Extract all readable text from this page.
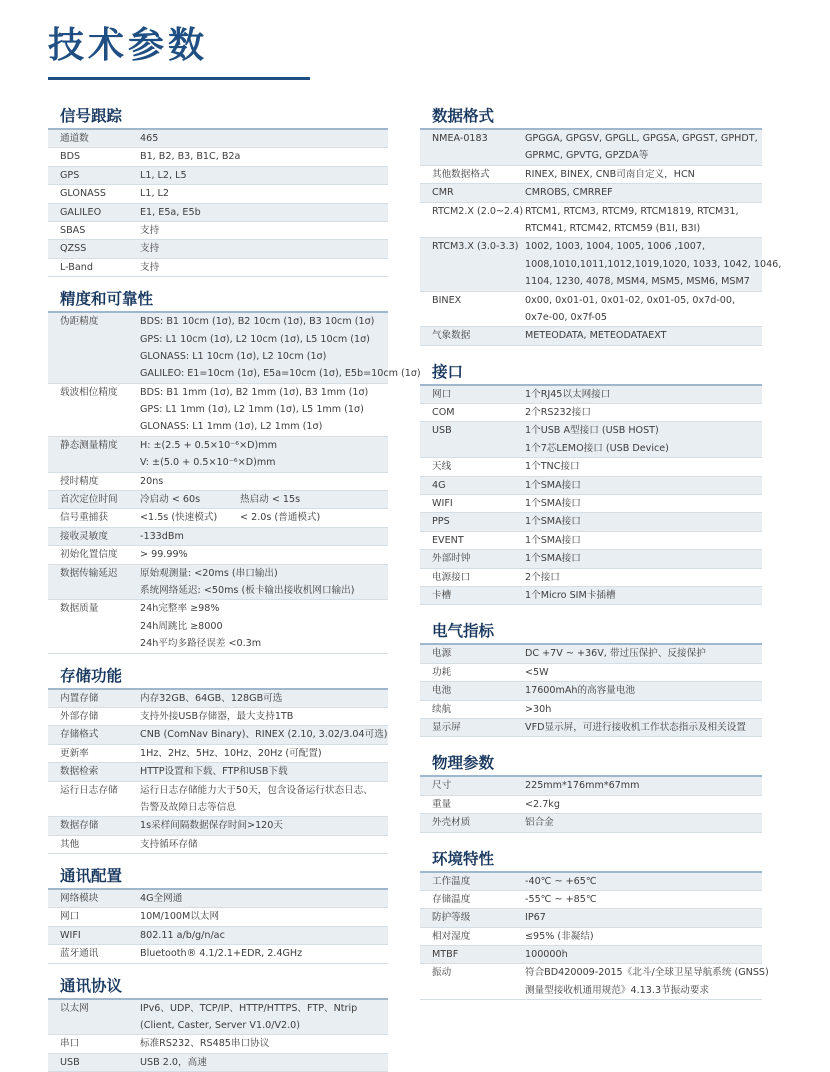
技术参数
信号跟踪
通道数	465
BDS	B1, B2, B3, B1C, B2a
GPS	L1, L2, L5
GLONASS	L1, L2
GALILEO	E1, E5a, E5b
SBAS	支持
QZSS	支持
L-Band	支持
精度和可靠性
伪距精度	BDS: B1 10cm (1σ), B2 10cm (1σ), B3 10cm (1σ)
GPS: L1 10cm (1σ), L2 10cm (1σ), L5 10cm (1σ)
GLONASS: L1 10cm (1σ), L2 10cm (1σ)
GALILEO: E1=10cm (1σ), E5a=10cm (1σ), E5b=10cm (1σ)
载波相位精度	BDS: B1 1mm (1σ), B2 1mm (1σ), B3 1mm (1σ)
GPS: L1 1mm (1σ), L2 1mm (1σ), L5 1mm (1σ)
GLONASS: L1 1mm (1σ), L2 1mm (1σ)
静态测量精度	H: ±(2.5 + 0.5×10⁻⁶×D)mm
V: ±(5.0 + 0.5×10⁻⁶×D)mm
授时精度	20ns
首次定位时间	冷启动 < 60s	热启动 < 15s
信号重捕获	<1.5s (快速模式)	< 2.0s (普通模式)
接收灵敏度	-133dBm
初始化置信度	> 99.99%
数据传输延迟	原始观测量: <20ms (串口输出)
系统网络延迟: <50ms (板卡输出接收机网口输出)
数据质量	24h完整率 ≥98%
24h周跳比 ≥8000
24h平均多路径误差 <0.3m
存储功能
内置存储	内存32GB、64GB、128GB可选
外部存储	支持外接USB存储器，最大支持1TB
存储格式	CNB (ComNav Binary)、RINEX (2.10, 3.02/3.04可选)
更新率	1Hz、2Hz、5Hz、10Hz、20Hz (可配置)
数据检索	HTTP设置和下载、FTP和USB下载
运行日志存储	运行日志存储能力大于50天，包含设备运行状态日志、
告警及故障日志等信息
数据存储	1s采样间隔数据保存时间>120天
其他	支持循环存储
通讯配置
网络模块	4G全网通
网口	10M/100M以太网
WIFI	802.11 a/b/g/n/ac
蓝牙通讯	Bluetooth® 4.1/2.1+EDR, 2.4GHz
通讯协议
以太网	IPv6、UDP、TCP/IP、HTTP/HTTPS、FTP、Ntrip
(Client, Caster, Server V1.0/V2.0)
串口	标准RS232、RS485串口协议
USB	USB 2.0，高速
数据格式
NMEA-0183	GPGGA, GPGSV, GPGLL, GPGSA, GPGST, GPHDT,
GPRMC, GPVTG, GPZDA等
其他数据格式	RINEX, BINEX, CNB司南自定义，HCN
CMR	CMROBS, CMRREF
RTCM2.X (2.0~2.4) RTCM1, RTCM3, RTCM9, RTCM1819, RTCM31,
RTCM41, RTCM42, RTCM59 (B1I, B3I)
RTCM3.X (3.0-3.3) 1002, 1003, 1004, 1005, 1006 ,1007,
1008,1010,1011,1012,1019,1020, 1033, 1042, 1046,
1104, 1230, 4078, MSM4, MSM5, MSM6, MSM7
BINEX	0x00, 0x01-01, 0x01-02, 0x01-05, 0x7d-00,
0x7e-00, 0x7f-05
气象数据	METEODATA, METEODATAEXT
接口
网口	1个RJ45以太网接口
COM	2个RS232接口
USB	1个USB A型接口 (USB HOST)
1个7芯LEMO接口 (USB Device)
天线	1个TNC接口
4G	1个SMA接口
WIFI	1个SMA接口
PPS	1个SMA接口
EVENT	1个SMA接口
外部时钟	1个SMA接口
电源接口	2个接口
卡槽	1个Micro SIM卡插槽
电气指标
电源	DC +7V ~ +36V, 带过压保护、反接保护
功耗	<5W
电池	17600mAh的高容量电池
续航	>30h
显示屏	VFD显示屏，可进行接收机工作状态指示及相关设置
物理参数
尺寸	225mm*176mm*67mm
重量	<2.7kg
外壳材质	铝合金
环境特性
工作温度	-40℃ ~ +65℃
存储温度	-55℃ ~ +85℃
防护等级	IP67
相对湿度	≤95% (非凝结)
MTBF	100000h
振动	符合BD420009-2015《北斗/全球卫星导航系统 (GNSS)
测量型接收机通用规范》4.13.3节振动要求
